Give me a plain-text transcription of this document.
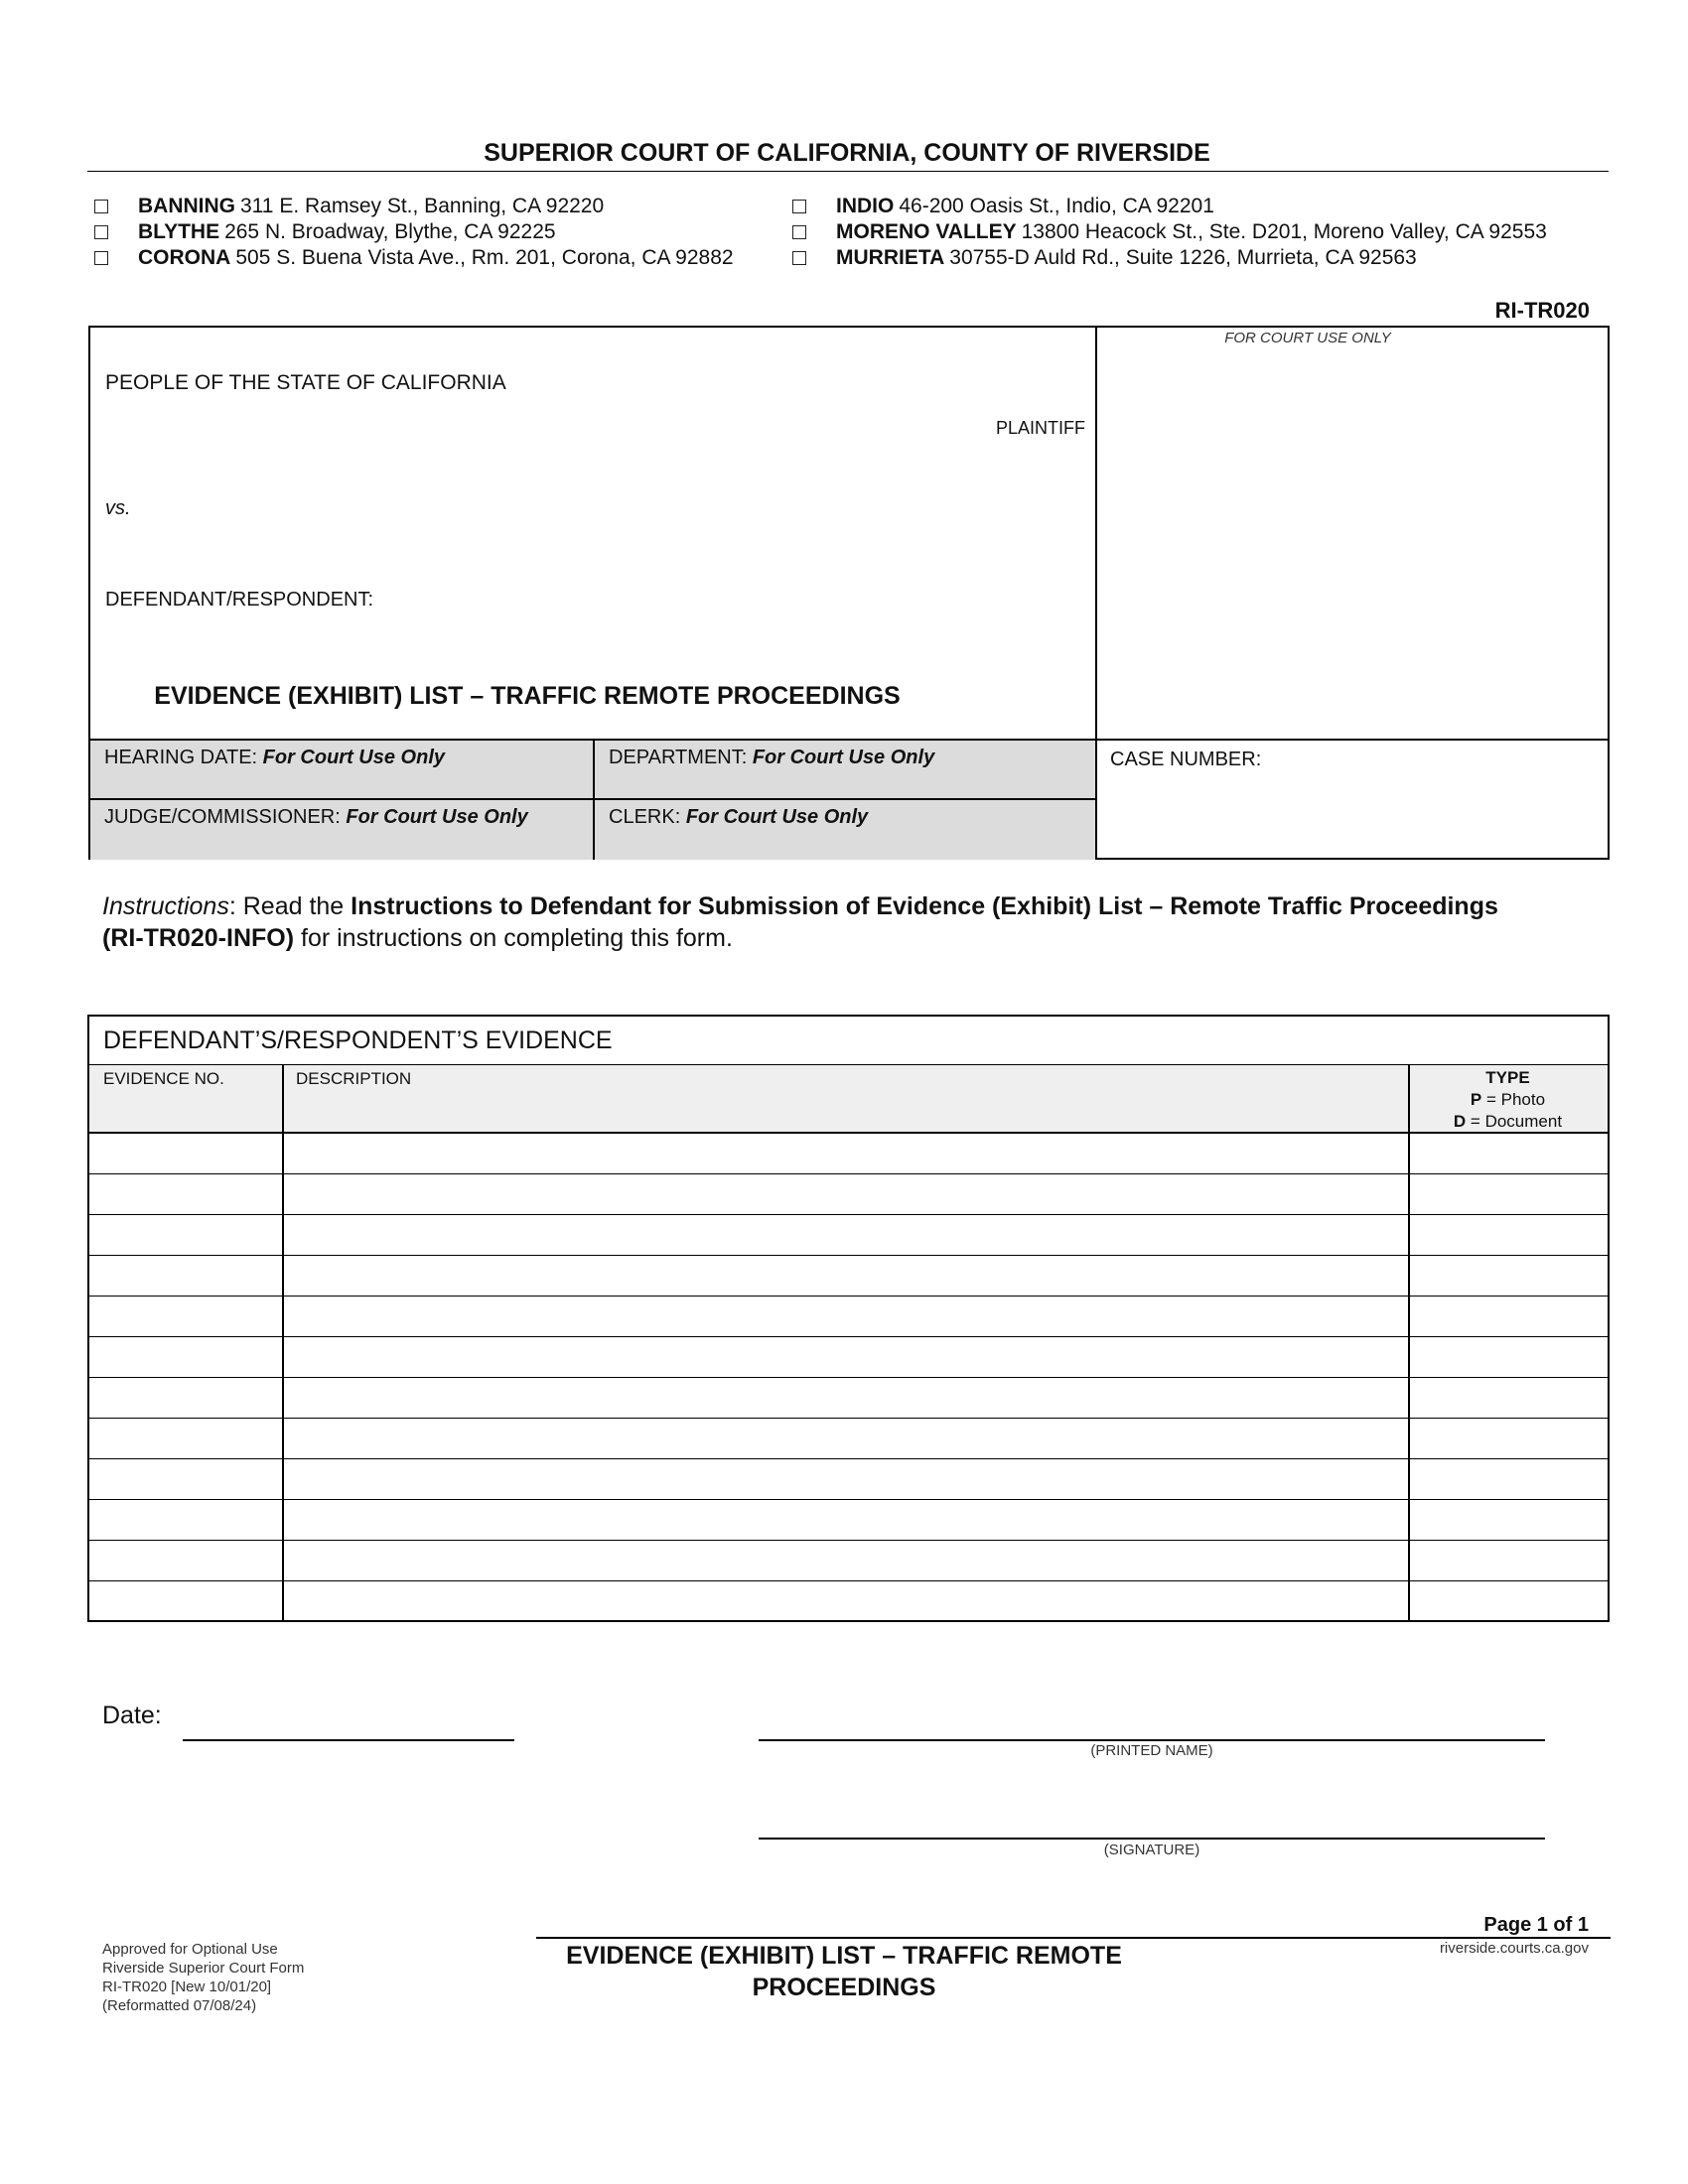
SUPERIOR COURT OF CALIFORNIA, COUNTY OF RIVERSIDE
BANNING 311 E. Ramsey St., Banning, CA 92220
BLYTHE 265 N. Broadway, Blythe, CA 92225
CORONA 505 S. Buena Vista Ave., Rm. 201, Corona, CA 92882
INDIO 46-200 Oasis St., Indio, CA 92201
MORENO VALLEY 13800 Heacock St., Ste. D201, Moreno Valley, CA 92553
MURRIETA 30755-D Auld Rd., Suite 1226, Murrieta, CA 92563
RI-TR020
PEOPLE OF THE STATE OF CALIFORNIA
PLAINTIFF
vs.
DEFENDANT/RESPONDENT:
EVIDENCE (EXHIBIT) LIST – TRAFFIC REMOTE PROCEEDINGS
FOR COURT USE ONLY
HEARING DATE: For Court Use Only	DEPARTMENT: For Court Use Only
JUDGE/COMMISSIONER: For Court Use Only	CLERK: For Court Use Only
CASE NUMBER:
Instructions: Read the Instructions to Defendant for Submission of Evidence (Exhibit) List – Remote Traffic Proceedings (RI-TR020-INFO) for instructions on completing this form.
DEFENDANT’S/RESPONDENT’S EVIDENCE
EVIDENCE NO.	DESCRIPTION	TYPE
P = Photo
D = Document
Date:
(PRINTED NAME)
(SIGNATURE)
Page 1 of 1
Approved for Optional Use
Riverside Superior Court Form
RI-TR020 [New 10/01/20]
(Reformatted 07/08/24)
EVIDENCE (EXHIBIT) LIST – TRAFFIC REMOTE
PROCEEDINGS
riverside.courts.ca.gov
